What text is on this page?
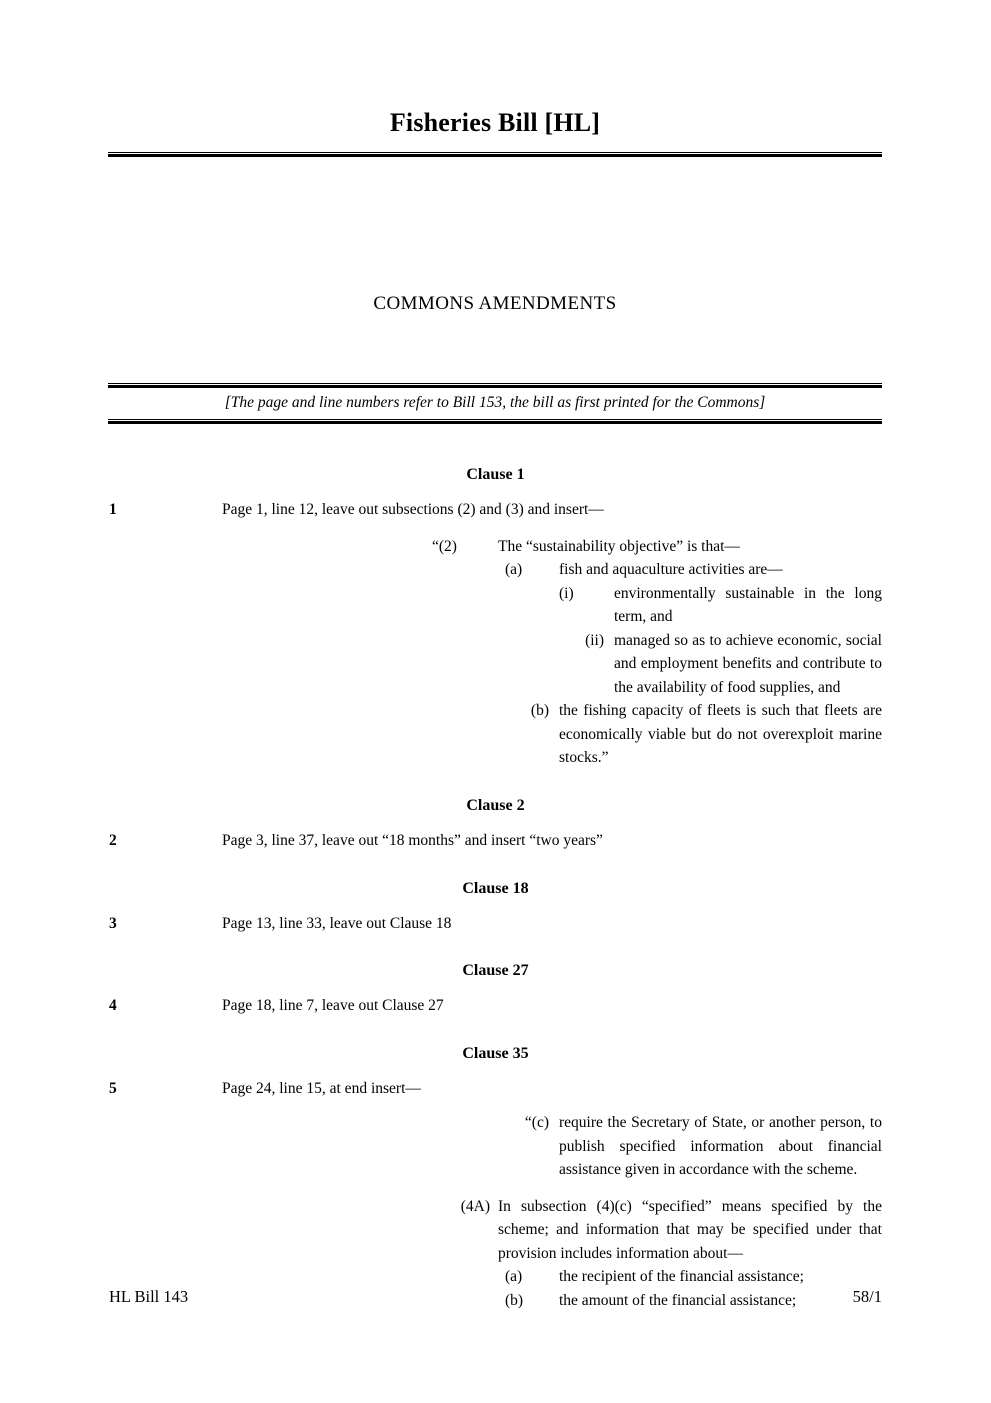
Fisheries Bill [HL]
COMMONS AMENDMENTS
[The page and line numbers refer to Bill 153, the bill as first printed for the Commons]
Clause 1
1	Page 1, line 12, leave out subsections (2) and (3) and insert—

“(2)	The “sustainability objective” is that—
(a)	fish and aquaculture activities are—
(i)	environmentally sustainable in the long term, and
(ii) managed so as to achieve economic, social and employment benefits and contribute to the availability of food supplies, and
(b) the fishing capacity of fleets is such that fleets are economically viable but do not overexploit marine stocks.”
Clause 2
2	Page 3, line 37, leave out “18 months” and insert “two years”

Clause 18
3	Page 13, line 33, leave out Clause 18

Clause 27
4	Page 18, line 7, leave out Clause 27

Clause 35
5	Page 24, line 15, at end insert—

“(c) require the Secretary of State, or another person, to publish specified information about financial assistance given in accordance with the scheme.
(4A) In subsection (4)(c) “specified” means specified by the scheme; and information that may be specified under that provision includes information about—
(a)	the recipient of the financial assistance;
(b)	the amount of the financial assistance;
HL Bill 143	58/1
